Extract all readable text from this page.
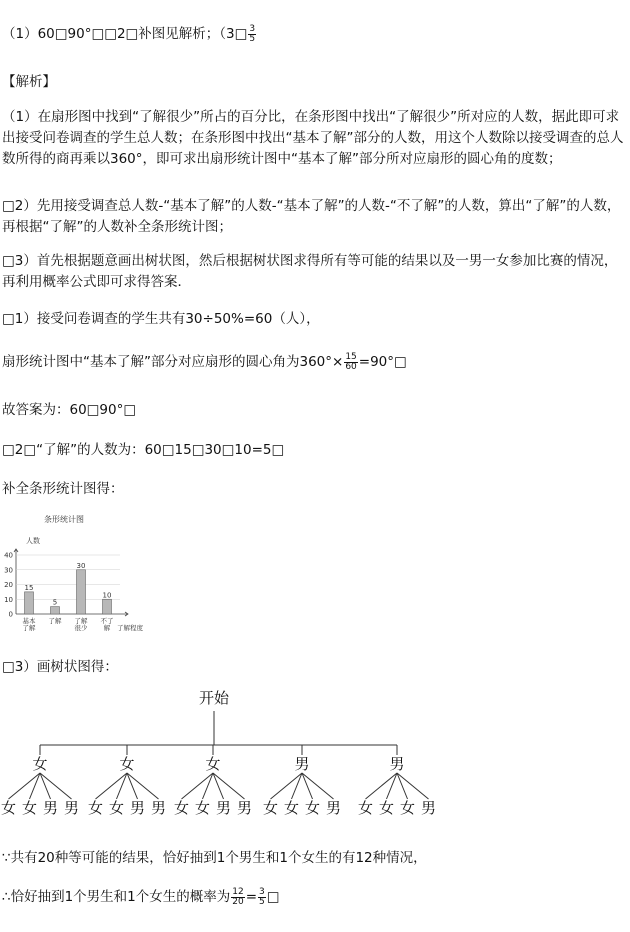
（1）60□90°□□2□补图见解析；（3□ $\frac{3}{5}$
【解析】
（1）在扇形图中找到“了解很少”所占的百分比，在条形图中找出“了解很少”所对应的人数，据此即可求出接受问卷调查的学生总人数；在条形图中找出“基本了解”部分的人数，用这个人数除以接受调查的总人数所得的商再乘以360°，即可求出扇形统计图中“基本了解”部分所对应扇形的圆心角的度数；
□2）先用接受调查总人数-“基本了解”的人数-“基本了解”的人数-“不了解”的人数，算出“了解”的人数，再根据“了解”的人数补全条形统计图；
□3）首先根据题意画出树状图，然后根据树状图求得所有等可能的结果以及一男一女参加比赛的情况，再利用概率公式即可求得答案．
□1）接受问卷调查的学生共有30÷50%=60（人），
扇形统计图中“基本了解”部分对应扇形的圆心角为$360^\circ\times \frac{15}{60}$ =90°□
故答案为：60□90°□
□2□“了解”的人数为：60□15□30□10=5□
补全条形统计图得：
条形统计图
人数
了解程度
0
10
20
30
40
15
基本
了解
5
了解
30
了解
很少
10
不了
解
□3）画树状图得：
开始
女
女 女 男 男
女
女 女 男 男
女
女 女 男 男
男
女 女 女 男
男
女 女 女 男
∵共有20种等可能的结果，恰好抽到1个男生和1个女生的有12种情况，
∴恰好抽到1个男生和1个女生的概率为 $\frac{12}{20} = \frac{3}{5}$ □
